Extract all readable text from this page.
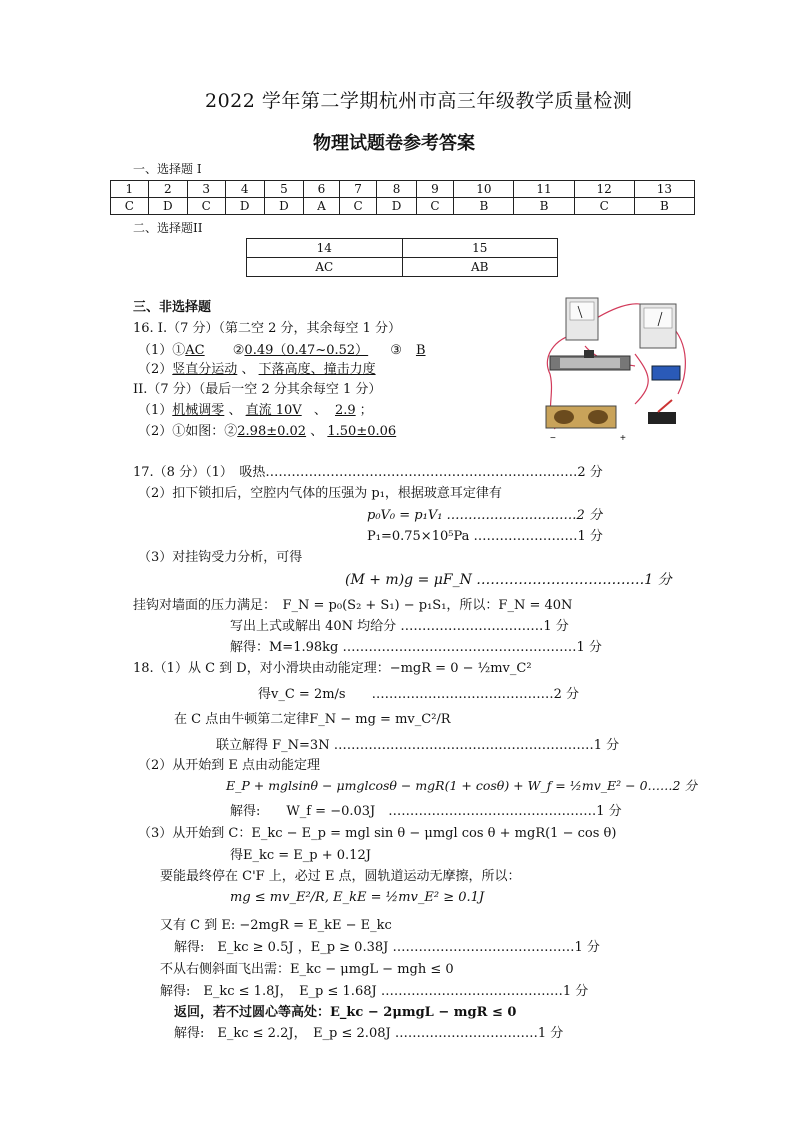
2022 学年第二学期杭州市高三年级教学质量检测
物理试题卷参考答案
一、选择题 I
1	2	3	4	5	6	7	8	9	10	11	12	13
C	D	C	D	D	A	C	D	C	B	B	C	B
二、选择题II
14	15
AC	AB
三、非选择题
16. I.（7 分）（第二空 2 分，其余每空 1 分）
（1）①AC ②0.49（0.47~0.52） ③ B
（2）竖直分运动 、 下落高度、撞击力度
II.（7 分）（最后一空 2 分其余每空 1 分）
（1）机械调零 、 直流 10V 、 2.9 ；
（2）①如图：②2.98±0.02 、 1.50±0.06	−	+
17.（8 分）（1）　吸热………………………………………………………………2 分
（2）扣下锁扣后，空腔内气体的压强为 p₁，根据玻意耳定律有
p₀V₀ = p₁V₁ …………………………2 分
P₁=0.75×10⁵Pa ……………………1 分
（3）对挂钩受力分析，可得
(M + m)g = μF_N ………………………………1 分
挂钩对墙面的压力满足：　F_N = p₀(S₂ + S₁) − p₁S₁，所以：F_N = 40N
写出上式或解出 40N 均给分 ……………………………1 分
解得：M=1.98kg ………………………………………………1 分
18.（1）从 C 到 D，对小滑块由动能定理：−mgR = 0 − ½mv_C²
得v_C = 2m/s　　……………………………………2 分
在 C 点由牛顿第二定律F_N − mg = mv_C²/R
联立解得 F_N=3N ……………………………………………………1 分
（2）从开始到 E 点由动能定理
E_P + mglsinθ − μmglcosθ − mgR(1 + cosθ) + W_f = ½mv_E² − 0……2 分
解得:　　W_f = −0.03J　…………………………………………1 分
（3）从开始到 C：E_kc − E_p = mgl sin θ − μmgl cos θ + mgR(1 − cos θ)
得E_kc = E_p + 0.12J
要能最终停在 C'F 上，必过 E 点，圆轨道运动无摩擦，所以：
mg ≤ mv_E²/R, E_kE = ½mv_E² ≥ 0.1J
又有 C 到 E: −2mgR = E_kE − E_kc
解得:　E_kc ≥ 0.5J ，E_p ≥ 0.38J ……………………………………1 分
不从右侧斜面飞出需：E_kc − μmgL − mgh ≤ 0
解得:　E_kc ≤ 1.8J，　E_p ≤ 1.68J ……………………………………1 分
返回，若不过圆心等高处：E_kc − 2μmgL − mgR ≤ 0
解得:　E_kc ≤ 2.2J，　E_p ≤ 2.08J ……………………………1 分
